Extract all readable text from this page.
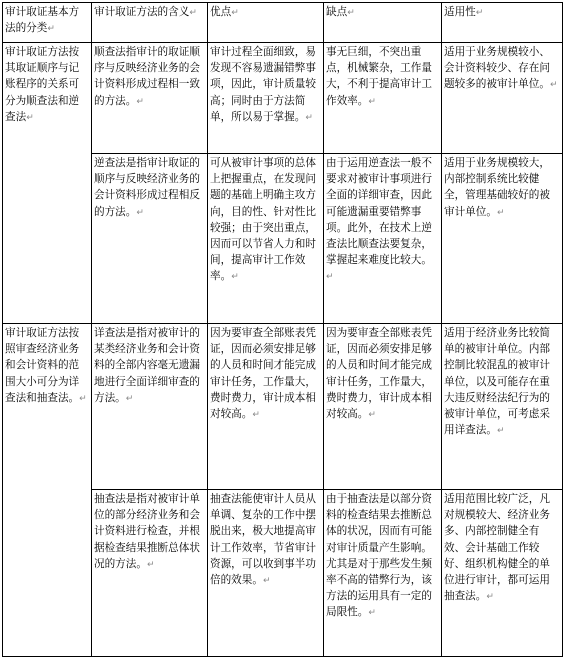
审计取证基本方法的分类↵	审计取证方法的含义↵	优点↵	缺点↵	适用性↵
审计取证方法按其取证顺序与记账程序的关系可分为顺查法和逆查法↵	顺查法指审计的取证顺序与反映经济业务的会计资料形成过程相一致的方法。↵	审计过程全面细致，易发现不容易遗漏错弊事项，因此，审计质量较高；同时由于方法简单，所以易于掌握。↵	事无巨细，不突出重点，机械繁杂，工作量大，不利于提高审计工作效率。↵	适用于业务规模较小、会计资料较少、存在问题较多的被审计单位。↵
	逆查法是指审计取证的顺序与反映经济业务的会计资料形成过程相反的方法。↵	可从被审计事项的总体上把握重点，在发现问题的基础上明确主攻方向，目的性、针对性比较强；由于突出重点，因而可以节省人力和时间，提高审计工作效率。↵	由于运用逆查法一般不要求对被审计事项进行全面的详细审查，因此可能遗漏重要错弊事项。此外，在技术上逆查法比顺查法要复杂，掌握起来难度比较大。↵	适用于业务规模较大，内部控制系统比较健全，管理基础较好的被审计单位。↵
审计取证方法按照审查经济业务和会计资料的范围大小可分为详查法和抽查法。↵	详查法是指对被审计的某类经济业务和会计资料的全部内容毫无遗漏地进行全面详细审查的方法。↵	因为要审查全部账表凭证，因而必须安排足够的人员和时间才能完成审计任务，工作量大，费时费力，审计成本相对较高。↵	因为要审查全部账表凭证，因而必须安排足够的人员和时间才能完成审计任务，工作量大，费时费力，审计成本相对较高。↵	适用于经济业务比较简单的被审计单位。内部控制比较混乱的被审计单位，以及可能存在重大违反财经法纪行为的被审计单位，可考虑采用详查法。↵
	抽查法是指对被审计单位的部分经济业务和会计资料进行检查，并根据检查结果推断总体状况的方法。↵	抽查法能使审计人员从单调、复杂的工作中摆脱出来，极大地提高审计工作效率，节省审计资源，可以收到事半功倍的效果。↵	由于抽查法是以部分资料的检查结果去推断总体的状况，因而有可能对审计质量产生影响。尤其是对于那些发生频率不高的错弊行为，该方法的运用具有一定的局限性。↵	适用范围比较广泛，凡对规模较大、经济业务多、内部控制健全有效、会计基础工作较好、组织机构健全的单位进行审计，都可运用抽查法。↵
